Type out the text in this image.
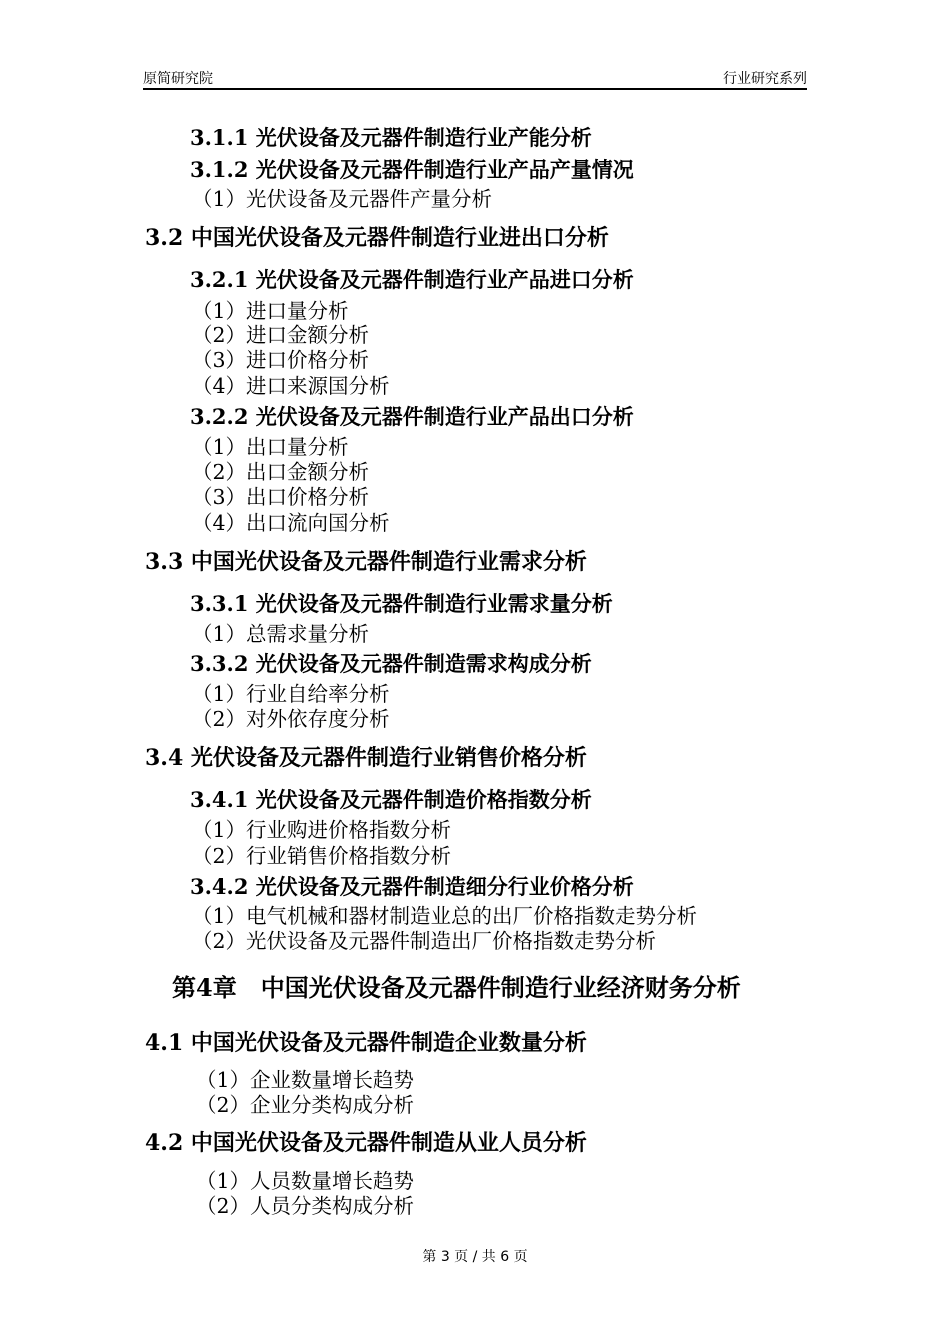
原简研究院	行业研究系列
3.1.1 光伏设备及元器件制造行业产能分析
3.1.2 光伏设备及元器件制造行业产品产量情况
（1）光伏设备及元器件产量分析
3.2 中国光伏设备及元器件制造行业进出口分析
3.2.1 光伏设备及元器件制造行业产品进口分析
（1）进口量分析
（2）进口金额分析
（3）进口价格分析
（4）进口来源国分析
3.2.2 光伏设备及元器件制造行业产品出口分析
（1）出口量分析
（2）出口金额分析
（3）出口价格分析
（4）出口流向国分析
3.3 中国光伏设备及元器件制造行业需求分析
3.3.1 光伏设备及元器件制造行业需求量分析
（1）总需求量分析
3.3.2 光伏设备及元器件制造需求构成分析
（1）行业自给率分析
（2）对外依存度分析
3.4 光伏设备及元器件制造行业销售价格分析
3.4.1 光伏设备及元器件制造价格指数分析
（1）行业购进价格指数分析
（2）行业销售价格指数分析
3.4.2 光伏设备及元器件制造细分行业价格分析
（1）电气机械和器材制造业总的出厂价格指数走势分析
（2）光伏设备及元器件制造出厂价格指数走势分析
第4章　中国光伏设备及元器件制造行业经济财务分析
4.1 中国光伏设备及元器件制造企业数量分析
（1）企业数量增长趋势
（2）企业分类构成分析
4.2 中国光伏设备及元器件制造从业人员分析
（1）人员数量增长趋势
（2）人员分类构成分析
第 3 页 / 共 6 页
